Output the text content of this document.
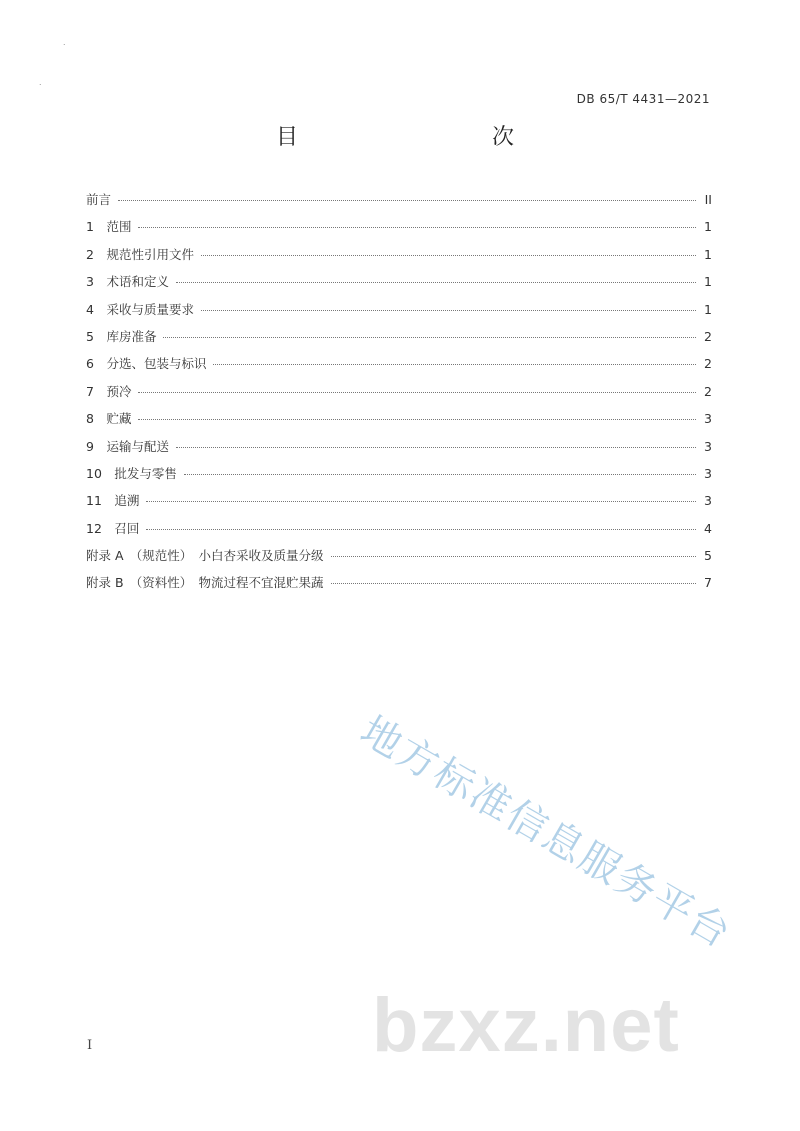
˙
˙
DB 65/T 4431—2021
目　　次
前言	II
1　范围	1
2　规范性引用文件	1
3　术语和定义	1
4　采收与质量要求	1
5　库房准备	2
6　分选、包装与标识	2
7　预冷	2
8　贮藏	3
9　运输与配送	3
10　批发与零售	3
11　追溯	3
12　召回	4
附录 A　（规范性）　小白杏采收及质量分级	5
附录 B　（资料性）　物流过程不宜混贮果蔬	7
I
地方标准信息服务平台
bzxz.net
